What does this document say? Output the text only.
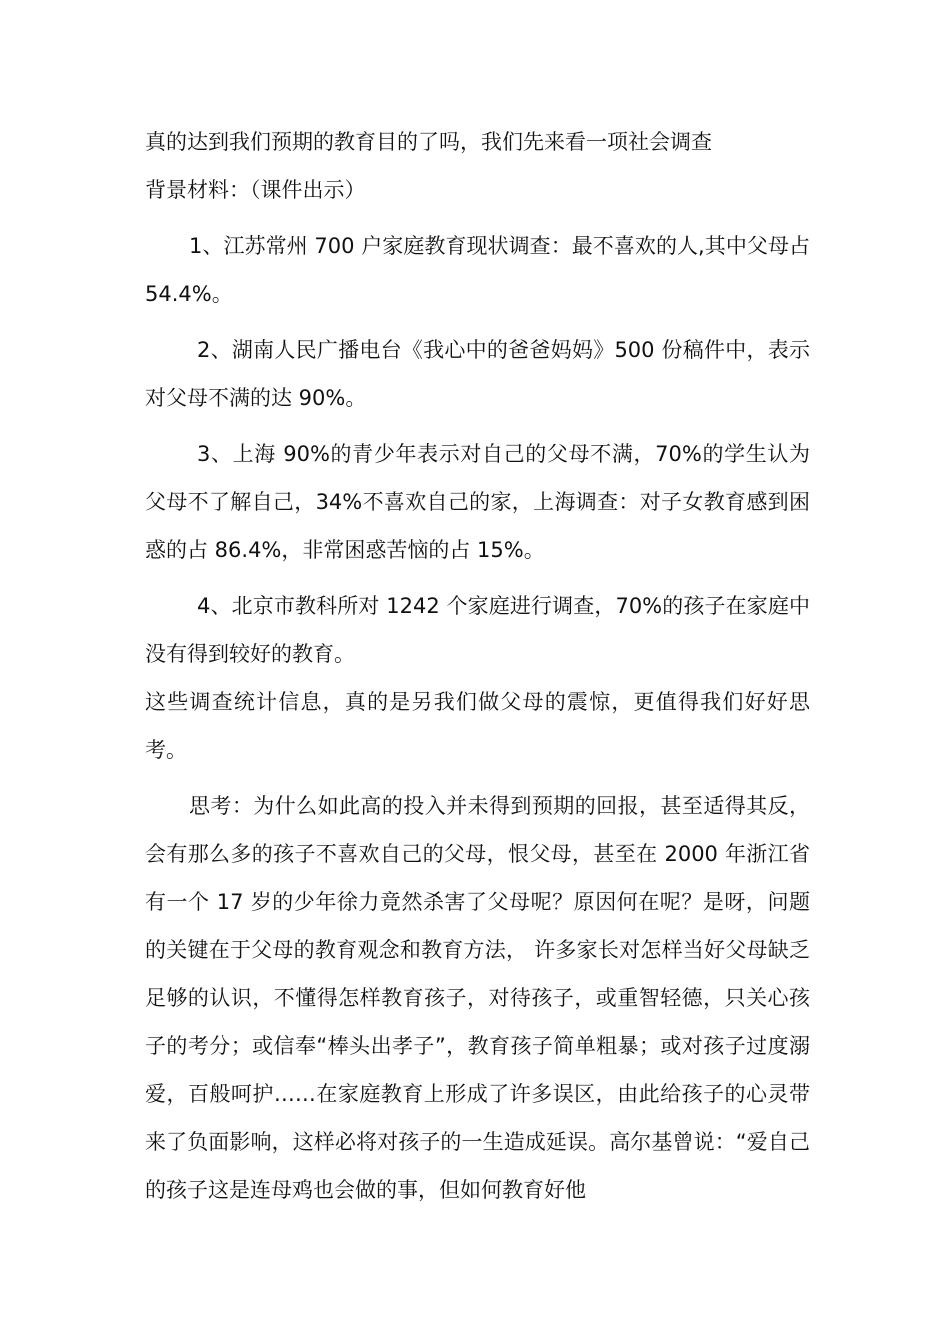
真的达到我们预期的教育目的了吗，我们先来看一项社会调查

背景材料：（课件出示）

1、江苏常州 700 户家庭教育现状调查：最不喜欢的人,其中父母占 54.4%。

2、湖南人民广播电台《我心中的爸爸妈妈》500 份稿件中，表示对父母不满的达 90%。

3、上海 90%的青少年表示对自己的父母不满，70%的学生认为父母不了解自己，34%不喜欢自己的家，上海调查：对子女教育感到困惑的占 86.4%，非常困惑苦恼的占 15%。

4、北京市教科所对 1242 个家庭进行调查，70%的孩子在家庭中没有得到较好的教育。

这些调查统计信息，真的是另我们做父母的震惊，更值得我们好好思考。

思考：为什么如此高的投入并未得到预期的回报，甚至适得其反，会有那么多的孩子不喜欢自己的父母，恨父母，甚至在 2000 年浙江省有一个 17 岁的少年徐力竟然杀害了父母呢？原因何在呢？是呀，问题的关键在于父母的教育观念和教育方法， 许多家长对怎样当好父母缺乏足够的认识，不懂得怎样教育孩子，对待孩子，或重智轻德，只关心孩子的考分；或信奉“棒头出孝子”，教育孩子简单粗暴；或对孩子过度溺爱，百般呵护……在家庭教育上形成了许多误区，由此给孩子的心灵带来了负面影响，这样必将对孩子的一生造成延误。高尔基曾说：“爱自己的孩子这是连母鸡也会做的事，但如何教育好他
